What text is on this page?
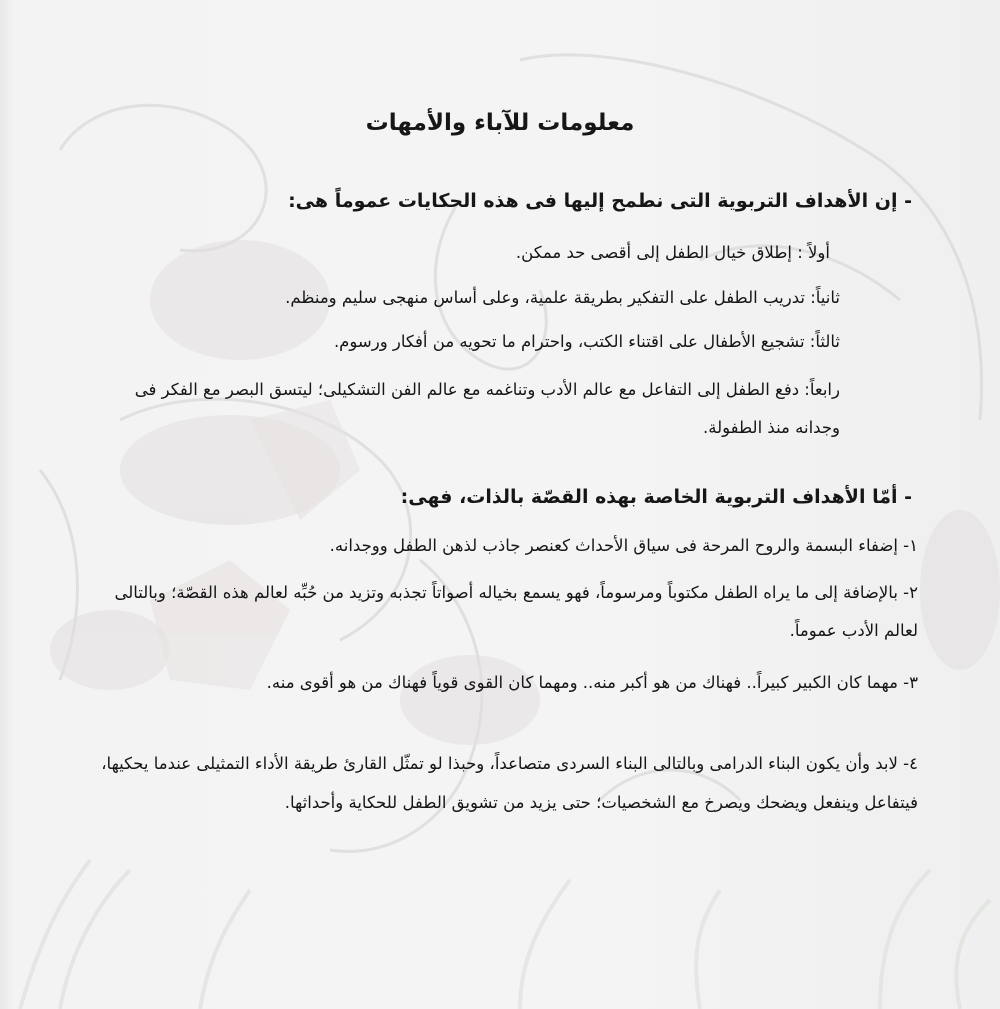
معلومات للآباء والأمهات
- إن الأهداف التربوية التى نطمح إليها فى هذه الحكايات عموماً هى:
أولاً : إطلاق خيال الطفل إلى أقصى حد ممكن.
ثانياً: تدريب الطفل على التفكير بطريقة علمية، وعلى أساس منهجى سليم ومنظم.
ثالثاً: تشجيع الأطفال على اقتناء الكتب، واحترام ما تحويه من أفكار ورسوم.
رابعاً: دفع الطفل إلى التفاعل مع عالم الأدب وتناغمه مع عالم الفن التشكيلى؛ ليتسق البصر مع الفكر فى وجدانه منذ الطفولة.
- أمّا الأهداف التربوية الخاصة بهذه القصّة بالذات، فهى:
١- إضفاء البسمة والروح المرحة فى سياق الأحداث كعنصر جاذب لذهن الطفل ووجدانه.
٢- بالإضافة إلى ما يراه الطفل مكتوباً ومرسوماً، فهو يسمع بخياله أصواتاً تجذبه وتزيد من حُبِّه لعالم هذه القصّة؛ وبالتالى لعالم الأدب عموماً.
٣- مهما كان الكبير كبيراً.. فهناك من هو أكبر منه.. ومهما كان القوى قوياً فهناك من هو أقوى منه.
٤- لابد وأن يكون البناء الدرامى وبالتالى البناء السردى متصاعداً، وحبذا لو تمثّل القارئ طريقة الأداء التمثيلى عندما يحكيها، فيتفاعل وينفعل ويضحك ويصرخ مع الشخصيات؛ حتى يزيد من تشويق الطفل للحكاية وأحداثها.
